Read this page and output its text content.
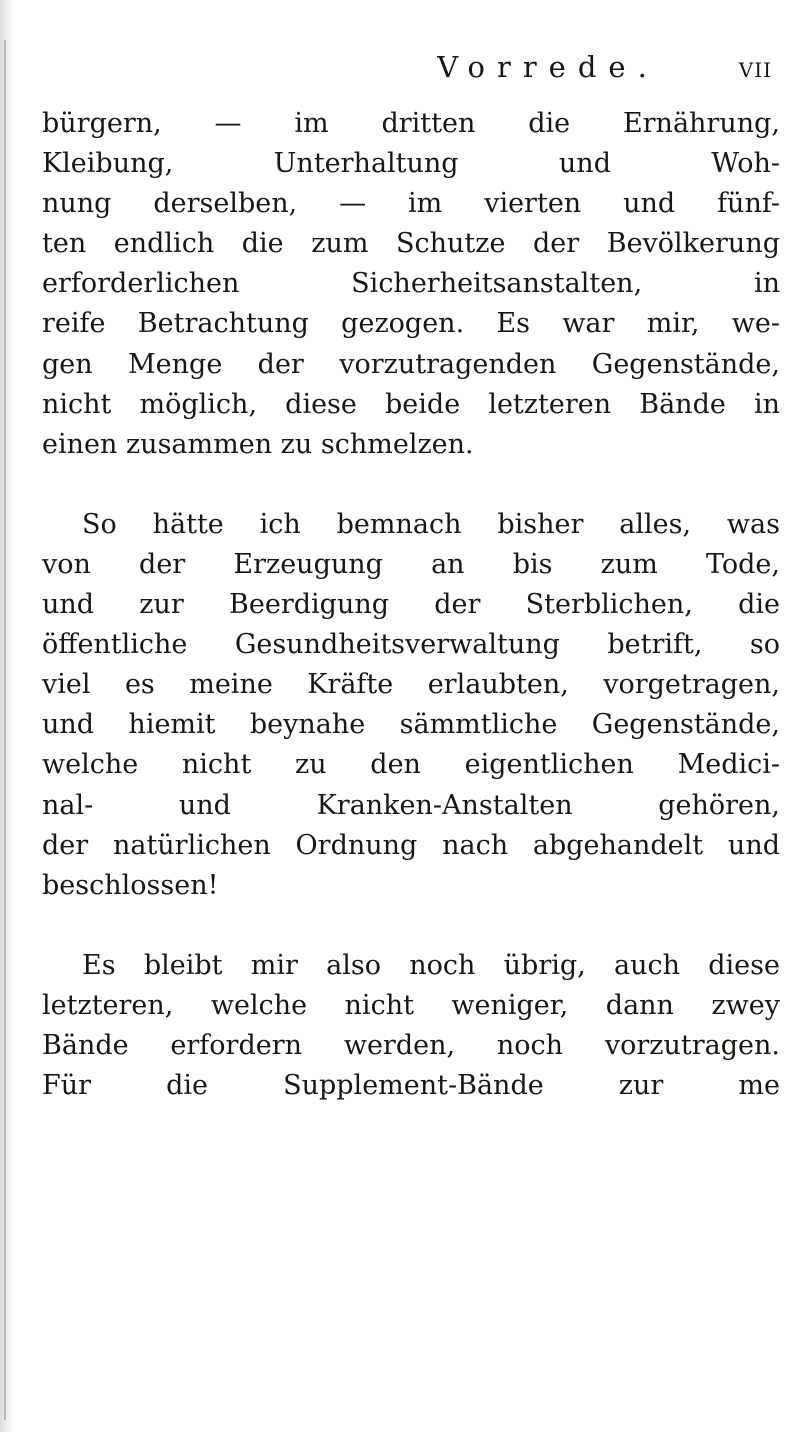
Vorrede.	VII

bürgern, — im dritten die Ernährung,
Kleibung, Unterhaltung und Woh-
nung derselben, — im vierten und fünf-
ten endlich die zum Schutze der Bevölkerung
erforderlichen Sicherheitsanstalten, in
reife Betrachtung gezogen. Es war mir, we-
gen Menge der vorzutragenden Gegenstände,
nicht möglich, diese beide letzteren Bände in
einen zusammen zu schmelzen.

So hätte ich bemnach bisher alles, was
von der Erzeugung an bis zum Tode,
und zur Beerdigung der Sterblichen, die
öffentliche Gesundheitsverwaltung betrift, so
viel es meine Kräfte erlaubten, vorgetragen,
und hiemit beynahe sämmtliche Gegenstände,
welche nicht zu den eigentlichen Medici-
nal- und Kranken-Anstalten gehören,
der natürlichen Ordnung nach abgehandelt und
beschlossen!

Es bleibt mir also noch übrig, auch diese
letzteren, welche nicht weniger, dann zwey
Bände erfordern werden, noch vorzutragen.
Für die Supplement-Bände zur me
